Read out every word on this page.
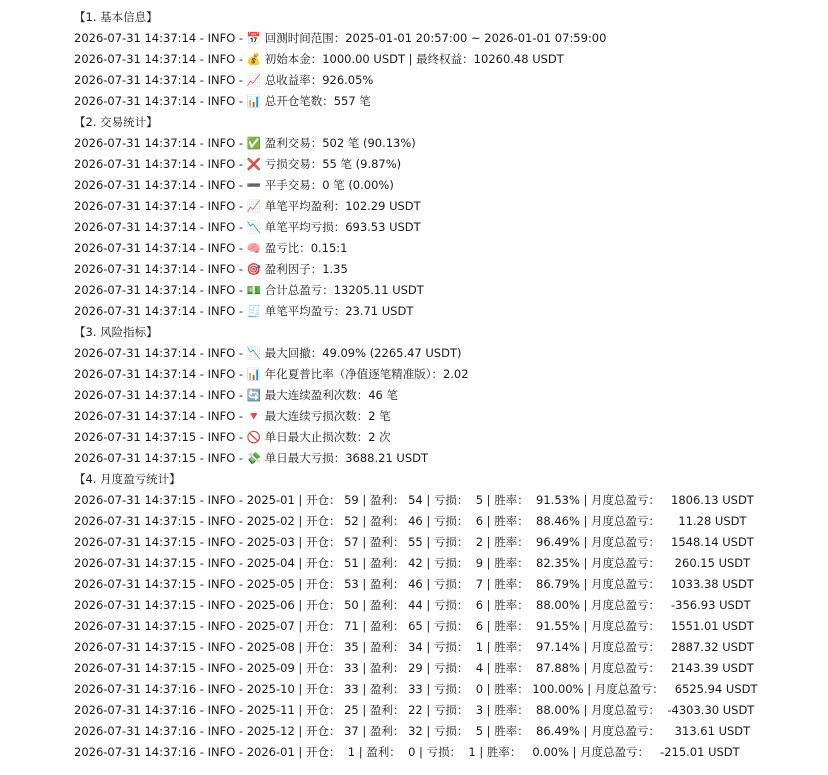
【1. 基本信息】
2026-07-31 14:37:14 - INFO - 📅 回测时间范围：2025-01-01 20:57:00 ~ 2026-01-01 07:59:00
2026-07-31 14:37:14 - INFO - 💰 初始本金：1000.00 USDT | 最终权益：10260.48 USDT
2026-07-31 14:37:14 - INFO - 📈 总收益率：926.05%
2026-07-31 14:37:14 - INFO - 📊 总开仓笔数：557 笔
【2. 交易统计】
2026-07-31 14:37:14 - INFO - ✅ 盈利交易：502 笔 (90.13%)
2026-07-31 14:37:14 - INFO - ❌ 亏损交易：55 笔 (9.87%)
2026-07-31 14:37:14 - INFO - ➖ 平手交易：0 笔 (0.00%)
2026-07-31 14:37:14 - INFO - 📈 单笔平均盈利：102.29 USDT
2026-07-31 14:37:14 - INFO - 📉 单笔平均亏损：693.53 USDT
2026-07-31 14:37:14 - INFO - 🧠 盈亏比：0.15:1
2026-07-31 14:37:14 - INFO - 🎯 盈利因子：1.35
2026-07-31 14:37:14 - INFO - 💵 合计总盈亏：13205.11 USDT
2026-07-31 14:37:14 - INFO - 🧾 单笔平均盈亏：23.71 USDT
【3. 风险指标】
2026-07-31 14:37:14 - INFO - 📉 最大回撤：49.09% (2265.47 USDT)
2026-07-31 14:37:14 - INFO - 📊 年化夏普比率（净值逐笔精准版）：2.02
2026-07-31 14:37:14 - INFO - 🔄 最大连续盈利次数：46 笔
2026-07-31 14:37:14 - INFO - 🔻 最大连续亏损次数：2 笔
2026-07-31 14:37:15 - INFO - 🚫 单日最大止损次数：2 次
2026-07-31 14:37:15 - INFO - 💸 单日最大亏损：3688.21 USDT
【4. 月度盈亏统计】
2026-07-31 14:37:15 - INFO - 2025-01 | 开仓： 59 | 盈利： 54 | 亏损：  5 | 胜率：  91.53% | 月度总盈亏：   1806.13 USDT
2026-07-31 14:37:15 - INFO - 2025-02 | 开仓： 52 | 盈利： 46 | 亏损：  6 | 胜率：  88.46% | 月度总盈亏：     11.28 USDT
2026-07-31 14:37:15 - INFO - 2025-03 | 开仓： 57 | 盈利： 55 | 亏损：  2 | 胜率：  96.49% | 月度总盈亏：   1548.14 USDT
2026-07-31 14:37:15 - INFO - 2025-04 | 开仓： 51 | 盈利： 42 | 亏损：  9 | 胜率：  82.35% | 月度总盈亏：    260.15 USDT
2026-07-31 14:37:15 - INFO - 2025-05 | 开仓： 53 | 盈利： 46 | 亏损：  7 | 胜率：  86.79% | 月度总盈亏：   1033.38 USDT
2026-07-31 14:37:15 - INFO - 2025-06 | 开仓： 50 | 盈利： 44 | 亏损：  6 | 胜率：  88.00% | 月度总盈亏：   -356.93 USDT
2026-07-31 14:37:15 - INFO - 2025-07 | 开仓： 71 | 盈利： 65 | 亏损：  6 | 胜率：  91.55% | 月度总盈亏：   1551.01 USDT
2026-07-31 14:37:15 - INFO - 2025-08 | 开仓： 35 | 盈利： 34 | 亏损：  1 | 胜率：  97.14% | 月度总盈亏：   2887.32 USDT
2026-07-31 14:37:15 - INFO - 2025-09 | 开仓： 33 | 盈利： 29 | 亏损：  4 | 胜率：  87.88% | 月度总盈亏：   2143.39 USDT
2026-07-31 14:37:16 - INFO - 2025-10 | 开仓： 33 | 盈利： 33 | 亏损：  0 | 胜率： 100.00% | 月度总盈亏：   6525.94 USDT
2026-07-31 14:37:16 - INFO - 2025-11 | 开仓： 25 | 盈利： 22 | 亏损：  3 | 胜率：  88.00% | 月度总盈亏：  -4303.30 USDT
2026-07-31 14:37:16 - INFO - 2025-12 | 开仓： 37 | 盈利： 32 | 亏损：  5 | 胜率：  86.49% | 月度总盈亏：    313.61 USDT
2026-07-31 14:37:16 - INFO - 2026-01 | 开仓：  1 | 盈利：  0 | 亏损：  1 | 胜率：   0.00% | 月度总盈亏：   -215.01 USDT
